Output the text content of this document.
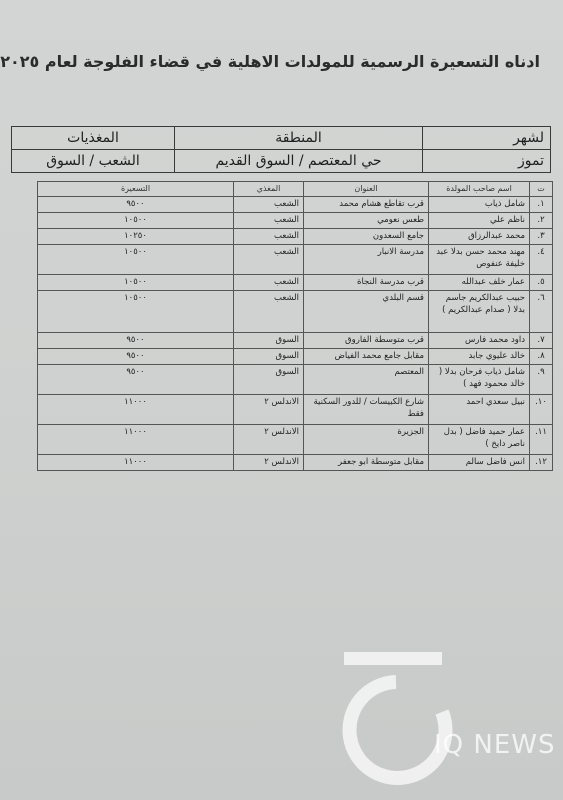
ادناه التسعيرة الرسمية للمولدات الاهلية في قضاء الفلوجة لعام ٢٠٢٥
لشهر	المنطقة	المغذيات
تموز	حي المعتصم / السوق القديم	الشعب / السوق
ت	اسم صاحب المولدة	العنوان	المغذي	التسعيرة
١.	شامل ذياب	قرب تقاطع هشام محمد	الشعب	٩٥٠٠
٢.	ناظم علي	طعس نعومي	الشعب	١٠٥٠٠
٣.	محمد عبدالرزاق	جامع السعدون	الشعب	١٠٢٥٠
٤.	مهند محمد حسن بدلا عبد خليفة عنفوص	مدرسة الانبار	الشعب	١٠٥٠٠
٥.	عمار خلف عبدالله	قرب مدرسة النجاة	الشعب	١٠٥٠٠
٦.	حبيب عبدالكريم جاسم بدلا ( صدام عبدالكريم )	قسم البلدي	الشعب	١٠٥٠٠
٧.	داود محمد فارس	قرب متوسطة الفاروق	السوق	٩٥٠٠
٨.	خالد عليوي جابد	مقابل جامع محمد الفياض	السوق	٩٥٠٠
٩.	شامل ذياب فرحان بدلا ( خالد محمود فهد )	المعتصم	السوق	٩٥٠٠
١٠.	نبيل سعدي احمد	شارع الكبيسات / للدور السكنية فقط	الاندلس ٢	١١٠٠٠
١١.	عمار حميد فاضل ( بدل ناصر دايخ )	الجزيرة	الاندلس ٢	١١٠٠٠
١٢.	انس فاضل سالم	مقابل متوسطة ابو جعفر	الاندلس ٢	١١٠٠٠
IQ NEWS
